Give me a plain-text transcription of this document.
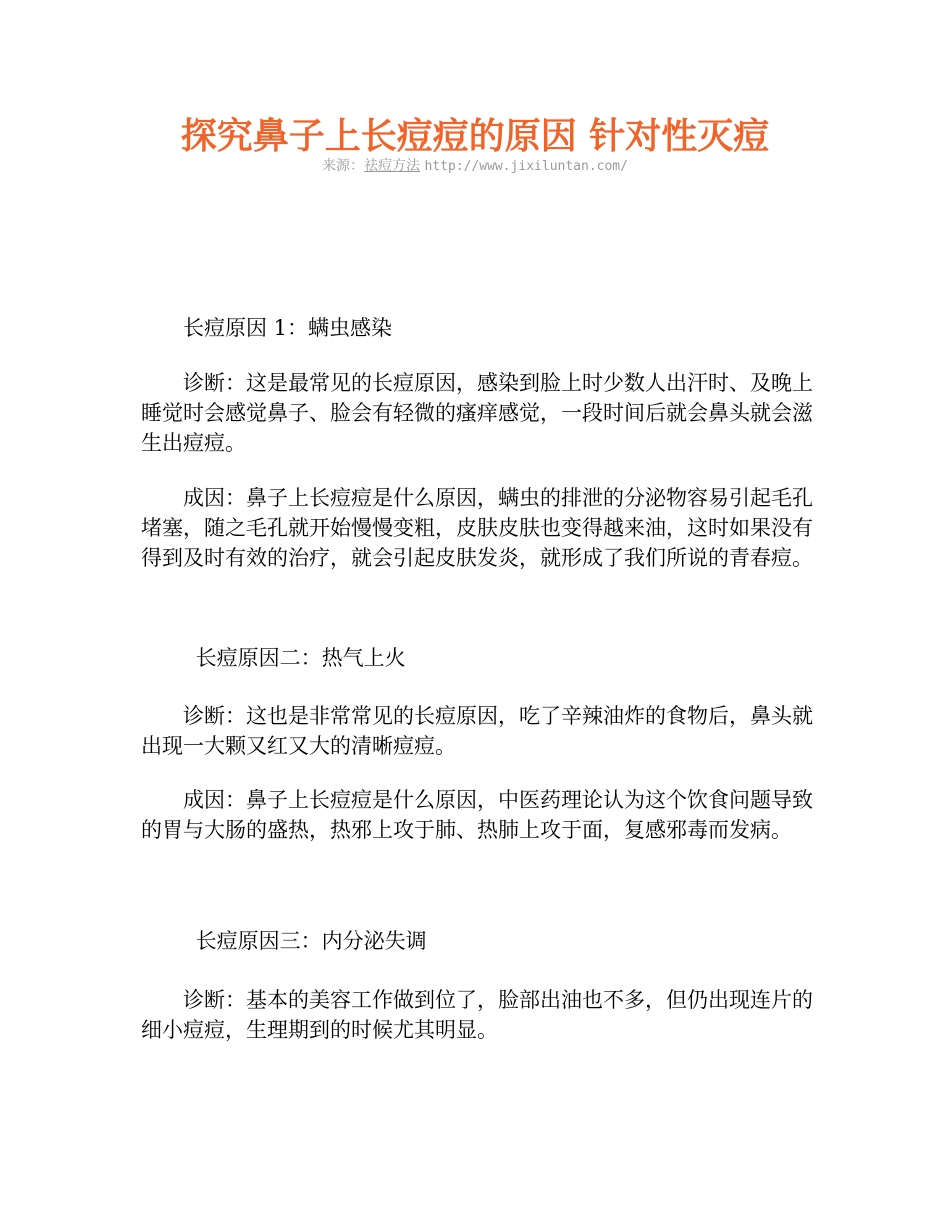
探究鼻子上长痘痘的原因 针对性灭痘
来源：祛痘方法 http://www.jixiluntan.com/

长痘原因 1：螨虫感染

诊断：这是最常见的长痘原因，感染到脸上时少数人出汗时、及晚上睡觉时会感觉鼻子、脸会有轻微的瘙痒感觉，一段时间后就会鼻头就会滋生出痘痘。

成因：鼻子上长痘痘是什么原因，螨虫的排泄的分泌物容易引起毛孔堵塞，随之毛孔就开始慢慢变粗，皮肤皮肤也变得越来油，这时如果没有得到及时有效的治疗，就会引起皮肤发炎，就形成了我们所说的青春痘。

长痘原因二：热气上火

诊断：这也是非常常见的长痘原因，吃了辛辣油炸的食物后，鼻头就出现一大颗又红又大的清晰痘痘。

成因：鼻子上长痘痘是什么原因，中医药理论认为这个饮食问题导致的胃与大肠的盛热，热邪上攻于肺、热肺上攻于面，复感邪毒而发病。

长痘原因三：内分泌失调

诊断：基本的美容工作做到位了，脸部出油也不多，但仍出现连片的细小痘痘，生理期到的时候尤其明显。
